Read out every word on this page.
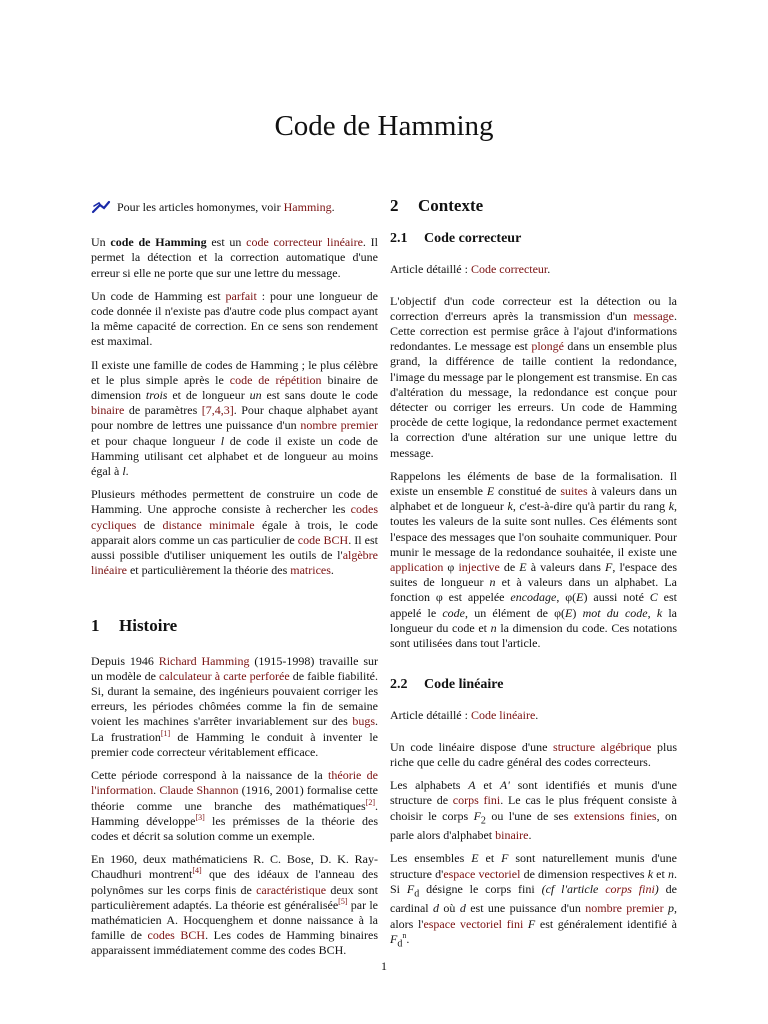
Code de Hamming
Pour les articles homonymes, voir Hamming.

Un code de Hamming est un code correcteur linéaire. Il permet la détection et la correction automatique d'une erreur si elle ne porte que sur une lettre du message.

Un code de Hamming est parfait : pour une longueur de code donnée il n'existe pas d'autre code plus compact ayant la même capacité de correction. En ce sens son rendement est maximal.

Il existe une famille de codes de Hamming ; le plus célèbre et le plus simple après le code de répétition binaire de dimension trois et de longueur un est sans doute le code binaire de paramètres [7,4,3]. Pour chaque alphabet ayant pour nombre de lettres une puissance d'un nombre premier et pour chaque longueur l de code il existe un code de Hamming utilisant cet alphabet et de longueur au moins égal à l.

Plusieurs méthodes permettent de construire un code de Hamming. Une approche consiste à rechercher les codes cycliques de distance minimale égale à trois, le code apparait alors comme un cas particulier de code BCH. Il est aussi possible d'utiliser uniquement les outils de l'algèbre linéaire et particulièrement la théorie des matrices.

1	Histoire

Depuis 1946 Richard Hamming (1915-1998) travaille sur un modèle de calculateur à carte perforée de faible fiabilité. Si, durant la semaine, des ingénieurs pouvaient corriger les erreurs, les périodes chômées comme la fin de semaine voient les machines s'arrêter invariablement sur des bugs. La frustration[1] de Hamming le conduit à inventer le premier code correcteur véritablement efficace.

Cette période correspond à la naissance de la théorie de l'information. Claude Shannon (1916, 2001) formalise cette théorie comme une branche des mathématiques[2]. Hamming développe[3] les prémisses de la théorie des codes et décrit sa solution comme un exemple.

En 1960, deux mathématiciens R. C. Bose, D. K. Ray-Chaudhuri montrent[4] que des idéaux de l'anneau des polynômes sur les corps finis de caractéristique deux sont particulièrement adaptés. La théorie est généralisée[5] par le mathématicien A. Hocquenghem et donne naissance à la famille de codes BCH. Les codes de Hamming binaires apparaissent immédiatement comme des codes BCH.

2	Contexte
2.1	Code correcteur

Article détaillé : Code correcteur.

L'objectif d'un code correcteur est la détection ou la correction d'erreurs après la transmission d'un message. Cette correction est permise grâce à l'ajout d'informations redondantes. Le message est plongé dans un ensemble plus grand, la différence de taille contient la redondance, l'image du message par le plongement est transmise. En cas d'altération du message, la redondance est conçue pour détecter ou corriger les erreurs. Un code de Hamming procède de cette logique, la redondance permet exactement la correction d'une altération sur une unique lettre du message.

Rappelons les éléments de base de la formalisation. Il existe un ensemble E constitué de suites à valeurs dans un alphabet et de longueur k, c'est-à-dire qu'à partir du rang k, toutes les valeurs de la suite sont nulles. Ces éléments sont l'espace des messages que l'on souhaite communiquer. Pour munir le message de la redondance souhaitée, il existe une application φ injective de E à valeurs dans F, l'espace des suites de longueur n et à valeurs dans un alphabet. La fonction φ est appelée encodage, φ(E) aussi noté C est appelé le code, un élément de φ(E) mot du code, k la longueur du code et n la dimension du code. Ces notations sont utilisées dans tout l'article.

2.2	Code linéaire

Article détaillé : Code linéaire.

Un code linéaire dispose d'une structure algébrique plus riche que celle du cadre général des codes correcteurs.

Les alphabets A et A' sont identifiés et munis d'une structure de corps fini. Le cas le plus fréquent consiste à choisir le corps $F_2$ ou l'une de ses extensions finies, on parle alors d'alphabet binaire.

Les ensembles E et F sont naturellement munis d'une structure d'espace vectoriel de dimension respectives k et n. Si $F_d$ désigne le corps fini (cf l'article corps fini) de cardinal d où d est une puissance d'un nombre premier p, alors l'espace vectoriel fini F est généralement identifié à $F_d^n$.

1
